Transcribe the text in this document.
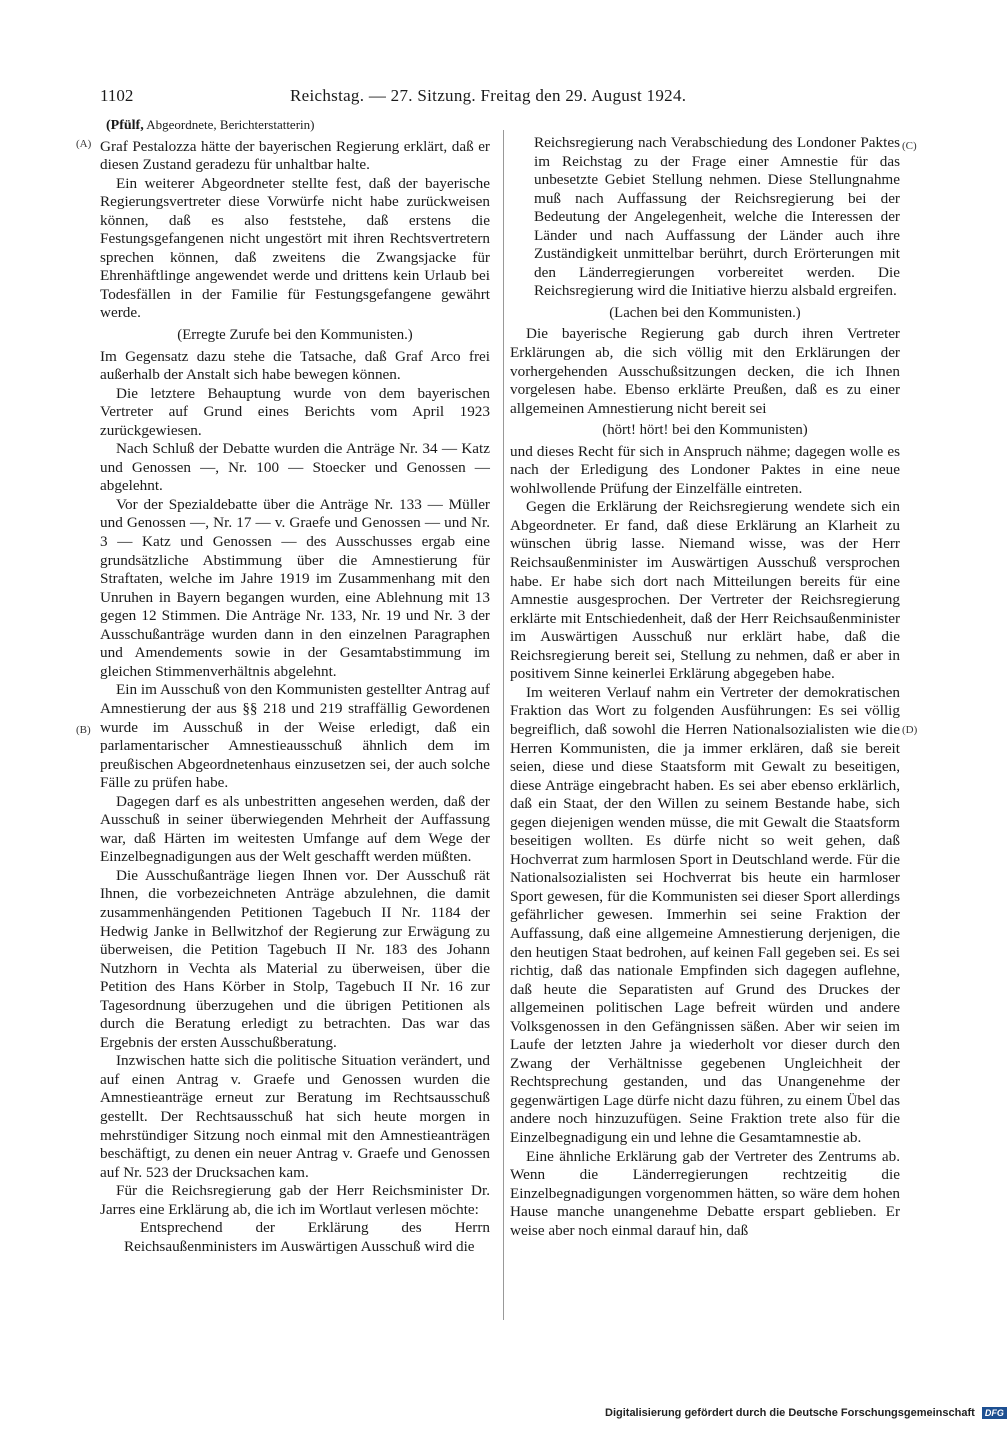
1102	Reichstag. — 27. Sitzung. Freitag den 29. August 1924.
(A)
(B)
(C)
(D)
(Pfülf, Abgeordnete, Berichterstatterin)

Graf Pestalozza hätte der bayerischen Regierung erklärt, daß er diesen Zustand geradezu für unhaltbar halte.

Ein weiterer Abgeordneter stellte fest, daß der bayerische Regierungsvertreter diese Vorwürfe nicht habe zurückweisen können, daß es also feststehe, daß erstens die Festungsgefangenen nicht ungestört mit ihren Rechtsvertretern sprechen können, daß zweitens die Zwangsjacke für Ehrenhäftlinge angewendet werde und drittens kein Urlaub bei Todesfällen in der Familie für Festungsgefangene gewährt werde.

(Erregte Zurufe bei den Kommunisten.)

Im Gegensatz dazu stehe die Tatsache, daß Graf Arco frei außerhalb der Anstalt sich habe bewegen können.

Die letztere Behauptung wurde von dem bayerischen Vertreter auf Grund eines Berichts vom April 1923 zurückgewiesen.

Nach Schluß der Debatte wurden die Anträge Nr. 34 — Katz und Genossen —, Nr. 100 — Stoecker und Genossen — abgelehnt.

Vor der Spezialdebatte über die Anträge Nr. 133 — Müller und Genossen —, Nr. 17 — v. Graefe und Genossen — und Nr. 3 — Katz und Genossen — des Ausschusses ergab eine grundsätzliche Abstimmung über die Amnestierung für Straftaten, welche im Jahre 1919 im Zusammenhang mit den Unruhen in Bayern begangen wurden, eine Ablehnung mit 13 gegen 12 Stimmen. Die Anträge Nr. 133, Nr. 19 und Nr. 3 der Ausschußanträge wurden dann in den einzelnen Paragraphen und Amendements sowie in der Gesamtabstimmung im gleichen Stimmenverhältnis abgelehnt.

Ein im Ausschuß von den Kommunisten gestellter Antrag auf Amnestierung der aus §§ 218 und 219 straffällig Gewordenen wurde im Ausschuß in der Weise erledigt, daß ein parlamentarischer Amnestieausschuß ähnlich dem im preußischen Abgeordnetenhaus einzusetzen sei, der auch solche Fälle zu prüfen habe.

Dagegen darf es als unbestritten angesehen werden, daß der Ausschuß in seiner überwiegenden Mehrheit der Auffassung war, daß Härten im weitesten Umfange auf dem Wege der Einzelbegnadigungen aus der Welt geschafft werden müßten.

Die Ausschußanträge liegen Ihnen vor. Der Ausschuß rät Ihnen, die vorbezeichneten Anträge abzulehnen, die damit zusammenhängenden Petitionen Tagebuch II Nr. 1184 der Hedwig Janke in Bellwitzhof der Regierung zur Erwägung zu überweisen, die Petition Tagebuch II Nr. 183 des Johann Nutzhorn in Vechta als Material zu überweisen, über die Petition des Hans Körber in Stolp, Tagebuch II Nr. 16 zur Tagesordnung überzugehen und die übrigen Petitionen als durch die Beratung erledigt zu betrachten. Das war das Ergebnis der ersten Ausschußberatung.

Inzwischen hatte sich die politische Situation verändert, und auf einen Antrag v. Graefe und Genossen wurden die Amnestieanträge erneut zur Beratung im Rechtsausschuß gestellt. Der Rechtsausschuß hat sich heute morgen in mehrstündiger Sitzung noch einmal mit den Amnestieanträgen beschäftigt, zu denen ein neuer Antrag v. Graefe und Genossen auf Nr. 523 der Drucksachen kam.

Für die Reichsregierung gab der Herr Reichsminister Dr. Jarres eine Erklärung ab, die ich im Wortlaut verlesen möchte:

Entsprechend der Erklärung des Herrn Reichsaußenministers im Auswärtigen Ausschuß wird die

Reichsregierung nach Verabschiedung des Londoner Paktes im Reichstag zu der Frage einer Amnestie für das unbesetzte Gebiet Stellung nehmen. Diese Stellungnahme muß nach Auffassung der Reichsregierung bei der Bedeutung der Angelegenheit, welche die Interessen der Länder und nach Auffassung der Länder auch ihre Zuständigkeit unmittelbar berührt, durch Erörterungen mit den Länderregierungen vorbereitet werden. Die Reichsregierung wird die Initiative hierzu alsbald ergreifen.

(Lachen bei den Kommunisten.)

Die bayerische Regierung gab durch ihren Vertreter Erklärungen ab, die sich völlig mit den Erklärungen der vorhergehenden Ausschußsitzungen decken, die ich Ihnen vorgelesen habe. Ebenso erklärte Preußen, daß es zu einer allgemeinen Amnestierung nicht bereit sei

(hört! hört! bei den Kommunisten)

und dieses Recht für sich in Anspruch nähme; dagegen wolle es nach der Erledigung des Londoner Paktes in eine neue wohlwollende Prüfung der Einzelfälle eintreten.

Gegen die Erklärung der Reichsregierung wendete sich ein Abgeordneter. Er fand, daß diese Erklärung an Klarheit zu wünschen übrig lasse. Niemand wisse, was der Herr Reichsaußenminister im Auswärtigen Ausschuß versprochen habe. Er habe sich dort nach Mitteilungen bereits für eine Amnestie ausgesprochen. Der Vertreter der Reichsregierung erklärte mit Entschiedenheit, daß der Herr Reichsaußenminister im Auswärtigen Ausschuß nur erklärt habe, daß die Reichsregierung bereit sei, Stellung zu nehmen, daß er aber in positivem Sinne keinerlei Erklärung abgegeben habe.

Im weiteren Verlauf nahm ein Vertreter der demokratischen Fraktion das Wort zu folgenden Ausführungen: Es sei völlig begreiflich, daß sowohl die Herren Nationalsozialisten wie die Herren Kommunisten, die ja immer erklären, daß sie bereit seien, diese und diese Staatsform mit Gewalt zu beseitigen, diese Anträge eingebracht haben. Es sei aber ebenso erklärlich, daß ein Staat, der den Willen zu seinem Bestande habe, sich gegen diejenigen wenden müsse, die mit Gewalt die Staatsform beseitigen wollten. Es dürfe nicht so weit gehen, daß Hochverrat zum harmlosen Sport in Deutschland werde. Für die Nationalsozialisten sei Hochverrat bis heute ein harmloser Sport gewesen, für die Kommunisten sei dieser Sport allerdings gefährlicher gewesen. Immerhin sei seine Fraktion der Auffassung, daß eine allgemeine Amnestierung derjenigen, die den heutigen Staat bedrohen, auf keinen Fall gegeben sei. Es sei richtig, daß das nationale Empfinden sich dagegen auflehne, daß heute die Separatisten auf Grund des Druckes der allgemeinen politischen Lage befreit würden und andere Volksgenossen in den Gefängnissen säßen. Aber wir seien im Laufe der letzten Jahre ja wiederholt vor dieser durch den Zwang der Verhältnisse gegebenen Ungleichheit der Rechtsprechung gestanden, und das Unangenehme der gegenwärtigen Lage dürfe nicht dazu führen, zu einem Übel das andere noch hinzuzufügen. Seine Fraktion trete also für die Einzelbegnadigung ein und lehne die Gesamtamnestie ab.

Eine ähnliche Erklärung gab der Vertreter des Zentrums ab. Wenn die Länderregierungen rechtzeitig die Einzelbegnadigungen vorgenommen hätten, so wäre dem hohen Hause manche unangenehme Debatte erspart geblieben. Er weise aber noch einmal darauf hin, daß

Digitalisierung gefördert durch die Deutsche Forschungsgemeinschaft DFG
